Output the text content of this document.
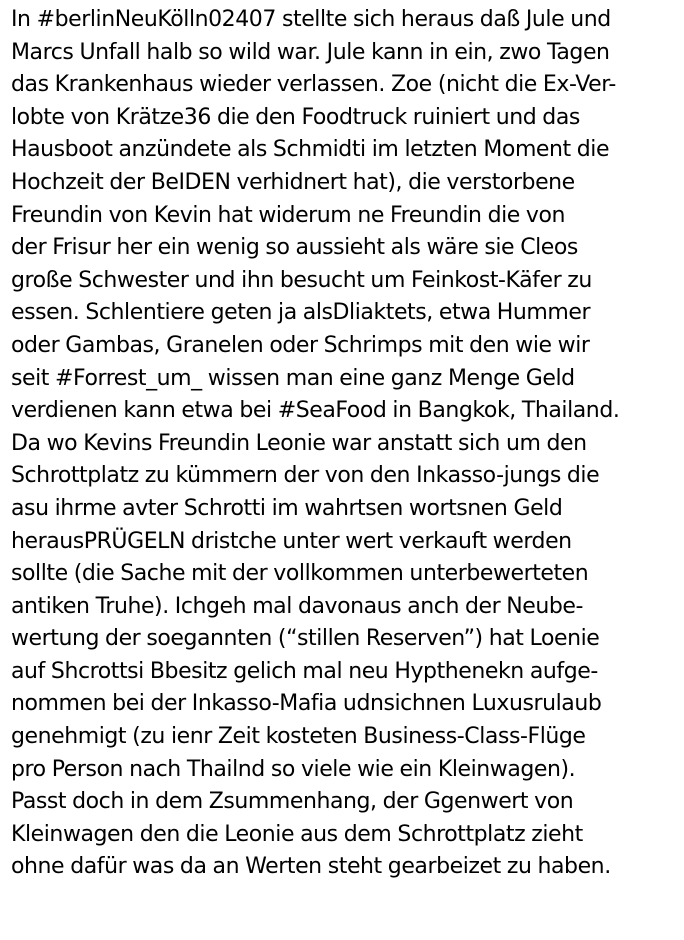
In #berlinNeuKölln02407 stellte sich heraus daß Jule und
Marcs Unfall halb so wild war. Jule kann in ein, zwo Tagen
das Krankenhaus wieder verlassen. Zoe (nicht die Ex-Ver-
lobte von Krätze36 die den Foodtruck ruiniert und das
Hausboot anzündete als Schmidti im letzten Moment die
Hochzeit der BeIDEN verhidnert hat), die verstorbene
Freundin von Kevin hat widerum ne Freundin die von
der Frisur her ein wenig so aussieht als wäre sie Cleos
große Schwester und ihn besucht um Feinkost-Käfer zu
essen. Schlentiere geten ja alsDliaktets, etwa Hummer
oder Gambas, Granelen oder Schrimps mit den wie wir
seit #Forrest_um_ wissen man eine ganz Menge Geld
verdienen kann etwa bei #SeaFood in Bangkok, Thailand.
Da wo Kevins Freundin Leonie war anstatt sich um den
Schrottplatz zu kümmern der von den Inkasso-jungs die
asu ihrme avter Schrotti im wahrtsen wortsnen Geld
herausPRÜGELN dristche unter wert verkauft werden
sollte (die Sache mit der vollkommen unterbewerteten
antiken Truhe). Ichgeh mal davonaus anch der Neube-
wertung der soegannten (“stillen Reserven”) hat Loenie
auf Shcrottsi Bbesitz gelich mal neu Hypthenekn aufge-
nommen bei der Inkasso-Mafia udnsichnen Luxusrulaub
genehmigt (zu ienr Zeit kosteten Business-Class-Flüge
pro Person nach Thailnd so viele wie ein Kleinwagen).
Passt doch in dem Zsummenhang, der Ggenwert von
Kleinwagen den die Leonie aus dem Schrottplatz zieht
ohne dafür was da an Werten steht gearbeizet zu haben.
